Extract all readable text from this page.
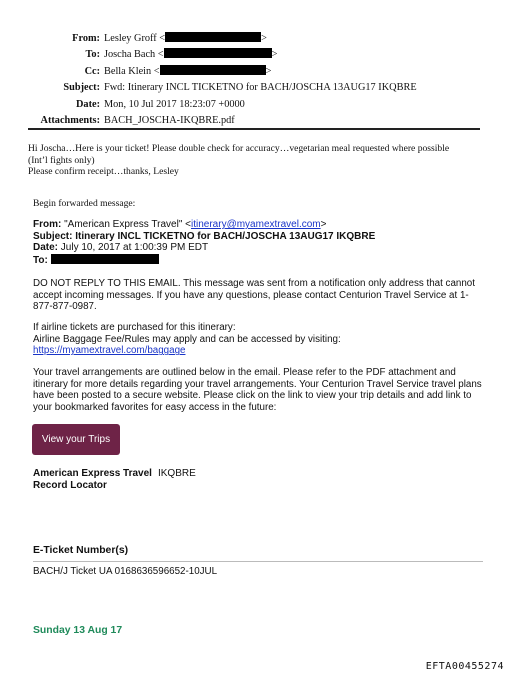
From: Lesley Groff <	>
To: Joscha Bach <	>
Cc: Bella Klein <	>
Subject: Fwd: Itinerary INCL TICKETNO for BACH/JOSCHA 13AUG17 IKQBRE
Date: Mon, 10 Jul 2017 18:23:07 +0000
Attachments: BACH_JOSCHA-IKQBRE.pdf
Hi Joscha…Here is your ticket! Please double check for accuracy…vegetarian meal requested where possible
(Int’l fights only)
Please confirm receipt…thanks, Lesley
Begin forwarded message:
From: "American Express Travel" <itinerary@myamextravel.com>
Subject: Itinerary INCL TICKETNO for BACH/JOSCHA 13AUG17 IKQBRE
Date: July 10, 2017 at 1:00:39 PM EDT
To:
DO NOT REPLY TO THIS EMAIL. This message was sent from a notification only address that cannot accept incoming messages. If you have any questions, please contact Centurion Travel Service at 1-877-877-0987.
If airline tickets are purchased for this itinerary:
Airline Baggage Fee/Rules may apply and can be accessed by visiting:
https://myamextravel.com/baggage
Your travel arrangements are outlined below in the email. Please refer to the PDF attachment and itinerary for more details regarding your travel arrangements. Your Centurion Travel Service travel plans have been posted to a secure website. Please click on the link to view your trip details and add link to your bookmarked favorites for easy access in the future:
View your Trips
American Express Travel IKQBRE
Record Locator
E-Ticket Number(s)
BACH/J Ticket UA 0168636596652-10JUL
Sunday 13 Aug 17
EFTA00455274
